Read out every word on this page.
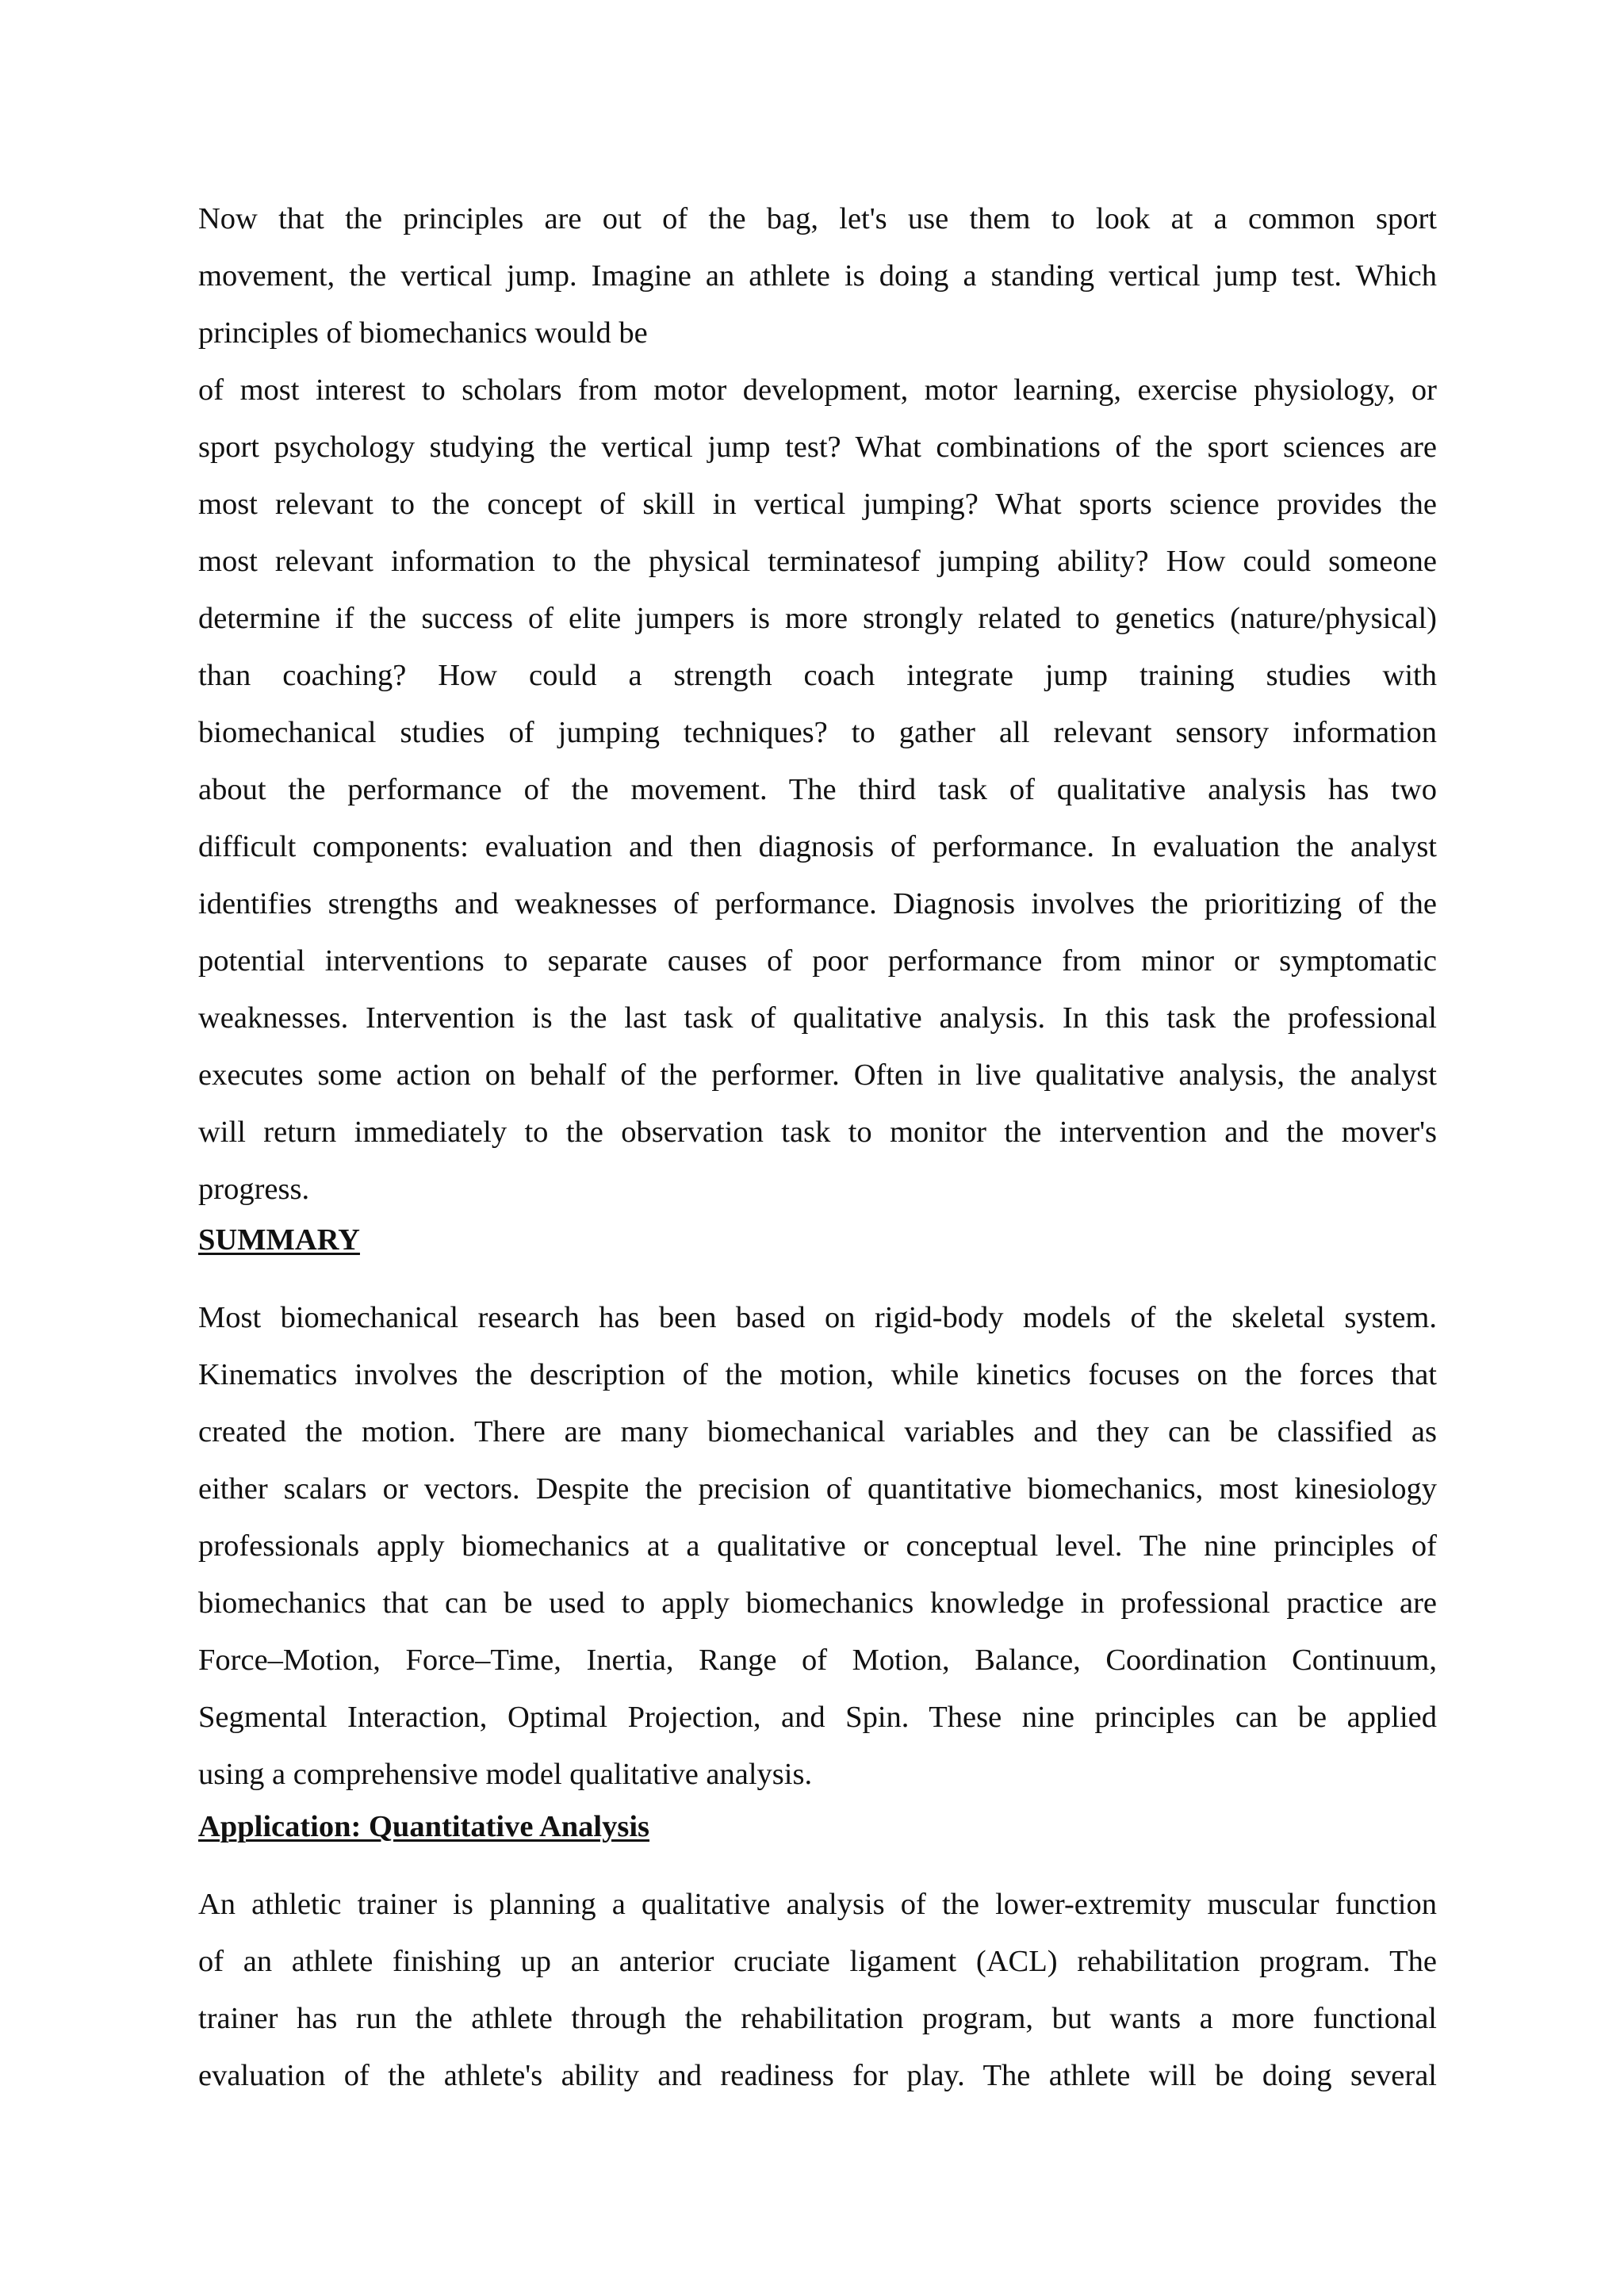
Now that the principles are out of the bag, let's use them to look at a common sport
movement, the vertical jump. Imagine an athlete is doing a standing vertical jump test. Which
principles of biomechanics would be
of most interest to scholars from motor development, motor learning, exercise physiology, or
sport psychology studying the vertical jump test? What combinations of the sport sciences are
most relevant to the concept of skill in vertical jumping? What sports science provides the
most relevant information to the physical terminatesof jumping ability? How could someone
determine if the success of elite jumpers is more strongly related to genetics (nature/physical)
than coaching? How could a strength coach integrate jump training studies with
biomechanical studies of jumping techniques? to gather all relevant sensory information
about the performance of the movement. The third task of qualitative analysis has two
difficult components: evaluation and then diagnosis of performance. In evaluation the analyst
identifies strengths and weaknesses of performance. Diagnosis involves the prioritizing of the
potential interventions to separate causes of poor performance from minor or symptomatic
weaknesses. Intervention is the last task of qualitative analysis. In this task the professional
executes some action on behalf of the performer. Often in live qualitative analysis, the analyst
will return immediately to the observation task to monitor the intervention and the mover's
progress.
SUMMARY
Most biomechanical research has been based on rigid-body models of the skeletal system.
Kinematics involves the description of the motion, while kinetics focuses on the forces that
created the motion. There are many biomechanical variables and they can be classified as
either scalars or vectors. Despite the precision of quantitative biomechanics, most kinesiology
professionals apply biomechanics at a qualitative or conceptual level. The nine principles of
biomechanics that can be used to apply biomechanics knowledge in professional practice are
Force–Motion, Force–Time, Inertia, Range of Motion, Balance, Coordination Continuum,
Segmental Interaction, Optimal Projection, and Spin. These nine principles can be applied
using a comprehensive model qualitative analysis.
Application: Quantitative Analysis
An athletic trainer is planning a qualitative analysis of the lower-extremity muscular function
of an athlete finishing up an anterior cruciate ligament (ACL) rehabilitation program. The
trainer has run the athlete through the rehabilitation program, but wants a more functional
evaluation of the athlete's ability and readiness for play. The athlete will be doing several
